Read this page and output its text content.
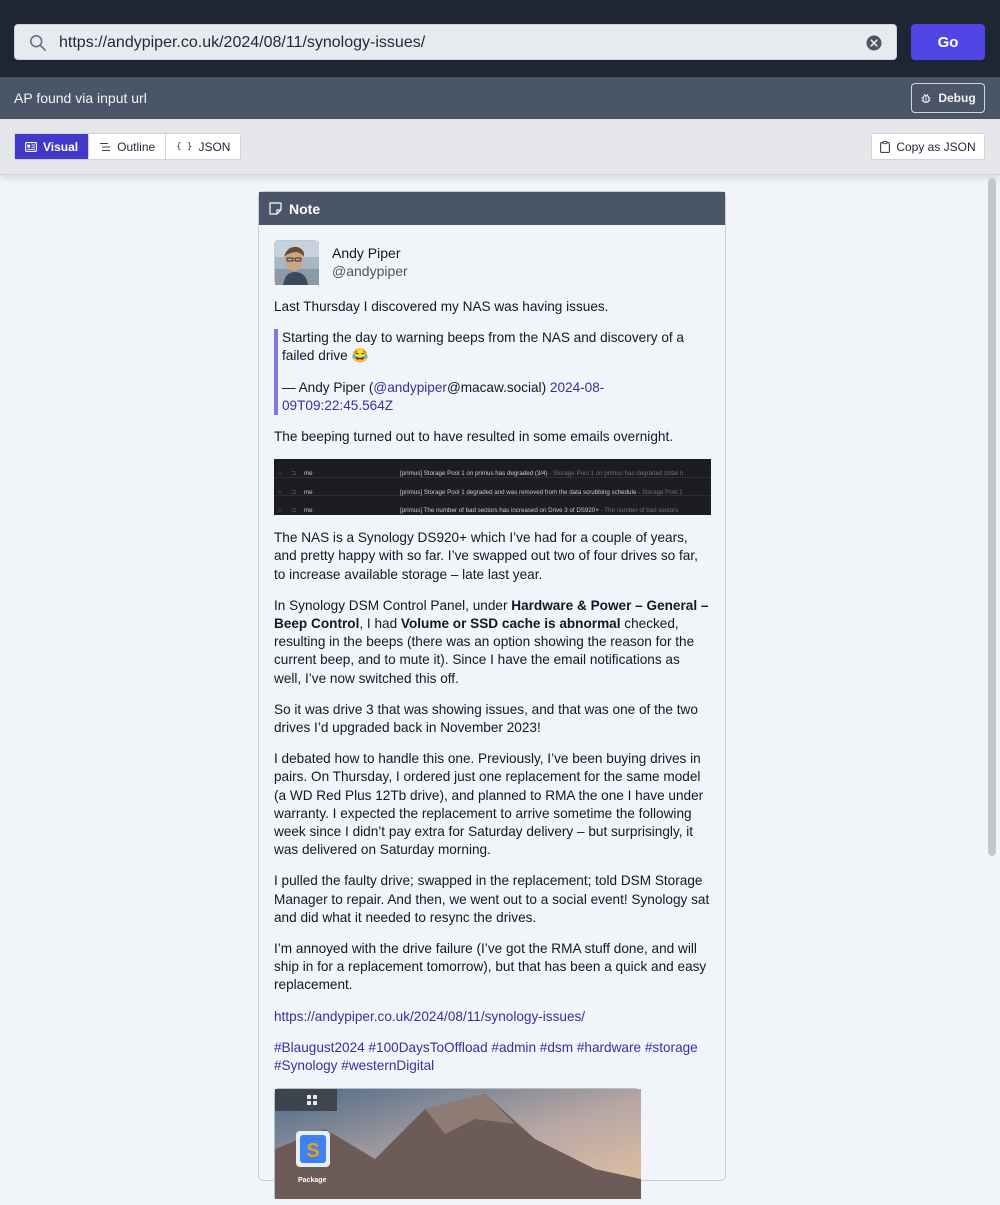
https://andypiper.co.uk/2024/08/11/synology-issues/	Go
AP found via input url	Debug
Visual	Outline { } JSON	Copy as JSON
Note
Andy Piper
@andypiper
Last Thursday I discovered my NAS was having issues.
Starting the day to warning beeps from the NAS and discovery of a failed drive 😂
— Andy Piper (@andypiper@macaw.social) 2024-08-09T09:22:45.564Z
The beeping turned out to have resulted in some emails overnight.
☆ ⊐ me	[primus] Storage Pool 1 on primus has degraded (3/4) - Storage Pool 1 on primus has degraded (total n
☆ ⊐ me	[primus] Storage Pool 1 degraded and was removed from the data scrubbing schedule - Storage Pool 1
☆ ⊐ me	[primus] The number of bad sectors has increased on Drive 3 of DS920+ - The number of bad sectors
The NAS is a Synology DS920+ which I’ve had for a couple of years, and pretty happy with so far. I’ve swapped out two of four drives so far, to increase available storage – late last year.
In Synology DSM Control Panel, under Hardware & Power – General – Beep Control, I had Volume or SSD cache is abnormal checked, resulting in the beeps (there was an option showing the reason for the current beep, and to mute it). Since I have the email notifications as well, I’ve now switched this off.
So it was drive 3 that was showing issues, and that was one of the two drives I’d upgraded back in November 2023!
I debated how to handle this one. Previously, I’ve been buying drives in pairs. On Thursday, I ordered just one replacement for the same model (a WD Red Plus 12Tb drive), and planned to RMA the one I have under warranty. I expected the replacement to arrive sometime the following week since I didn’t pay extra for Saturday delivery – but surprisingly, it was delivered on Saturday morning.
I pulled the faulty drive; swapped in the replacement; told DSM Storage Manager to repair. And then, we went out to a social event! Synology sat and did what it needed to resync the drives.
I’m annoyed with the drive failure (I’ve got the RMA stuff done, and will ship in for a replacement tomorrow), but that has been a quick and easy replacement.
https://andypiper.co.uk/2024/08/11/synology-issues/
#Blaugust2024 #100DaysToOffload #admin #dsm #hardware #storage #Synology #westernDigital
S
Package
